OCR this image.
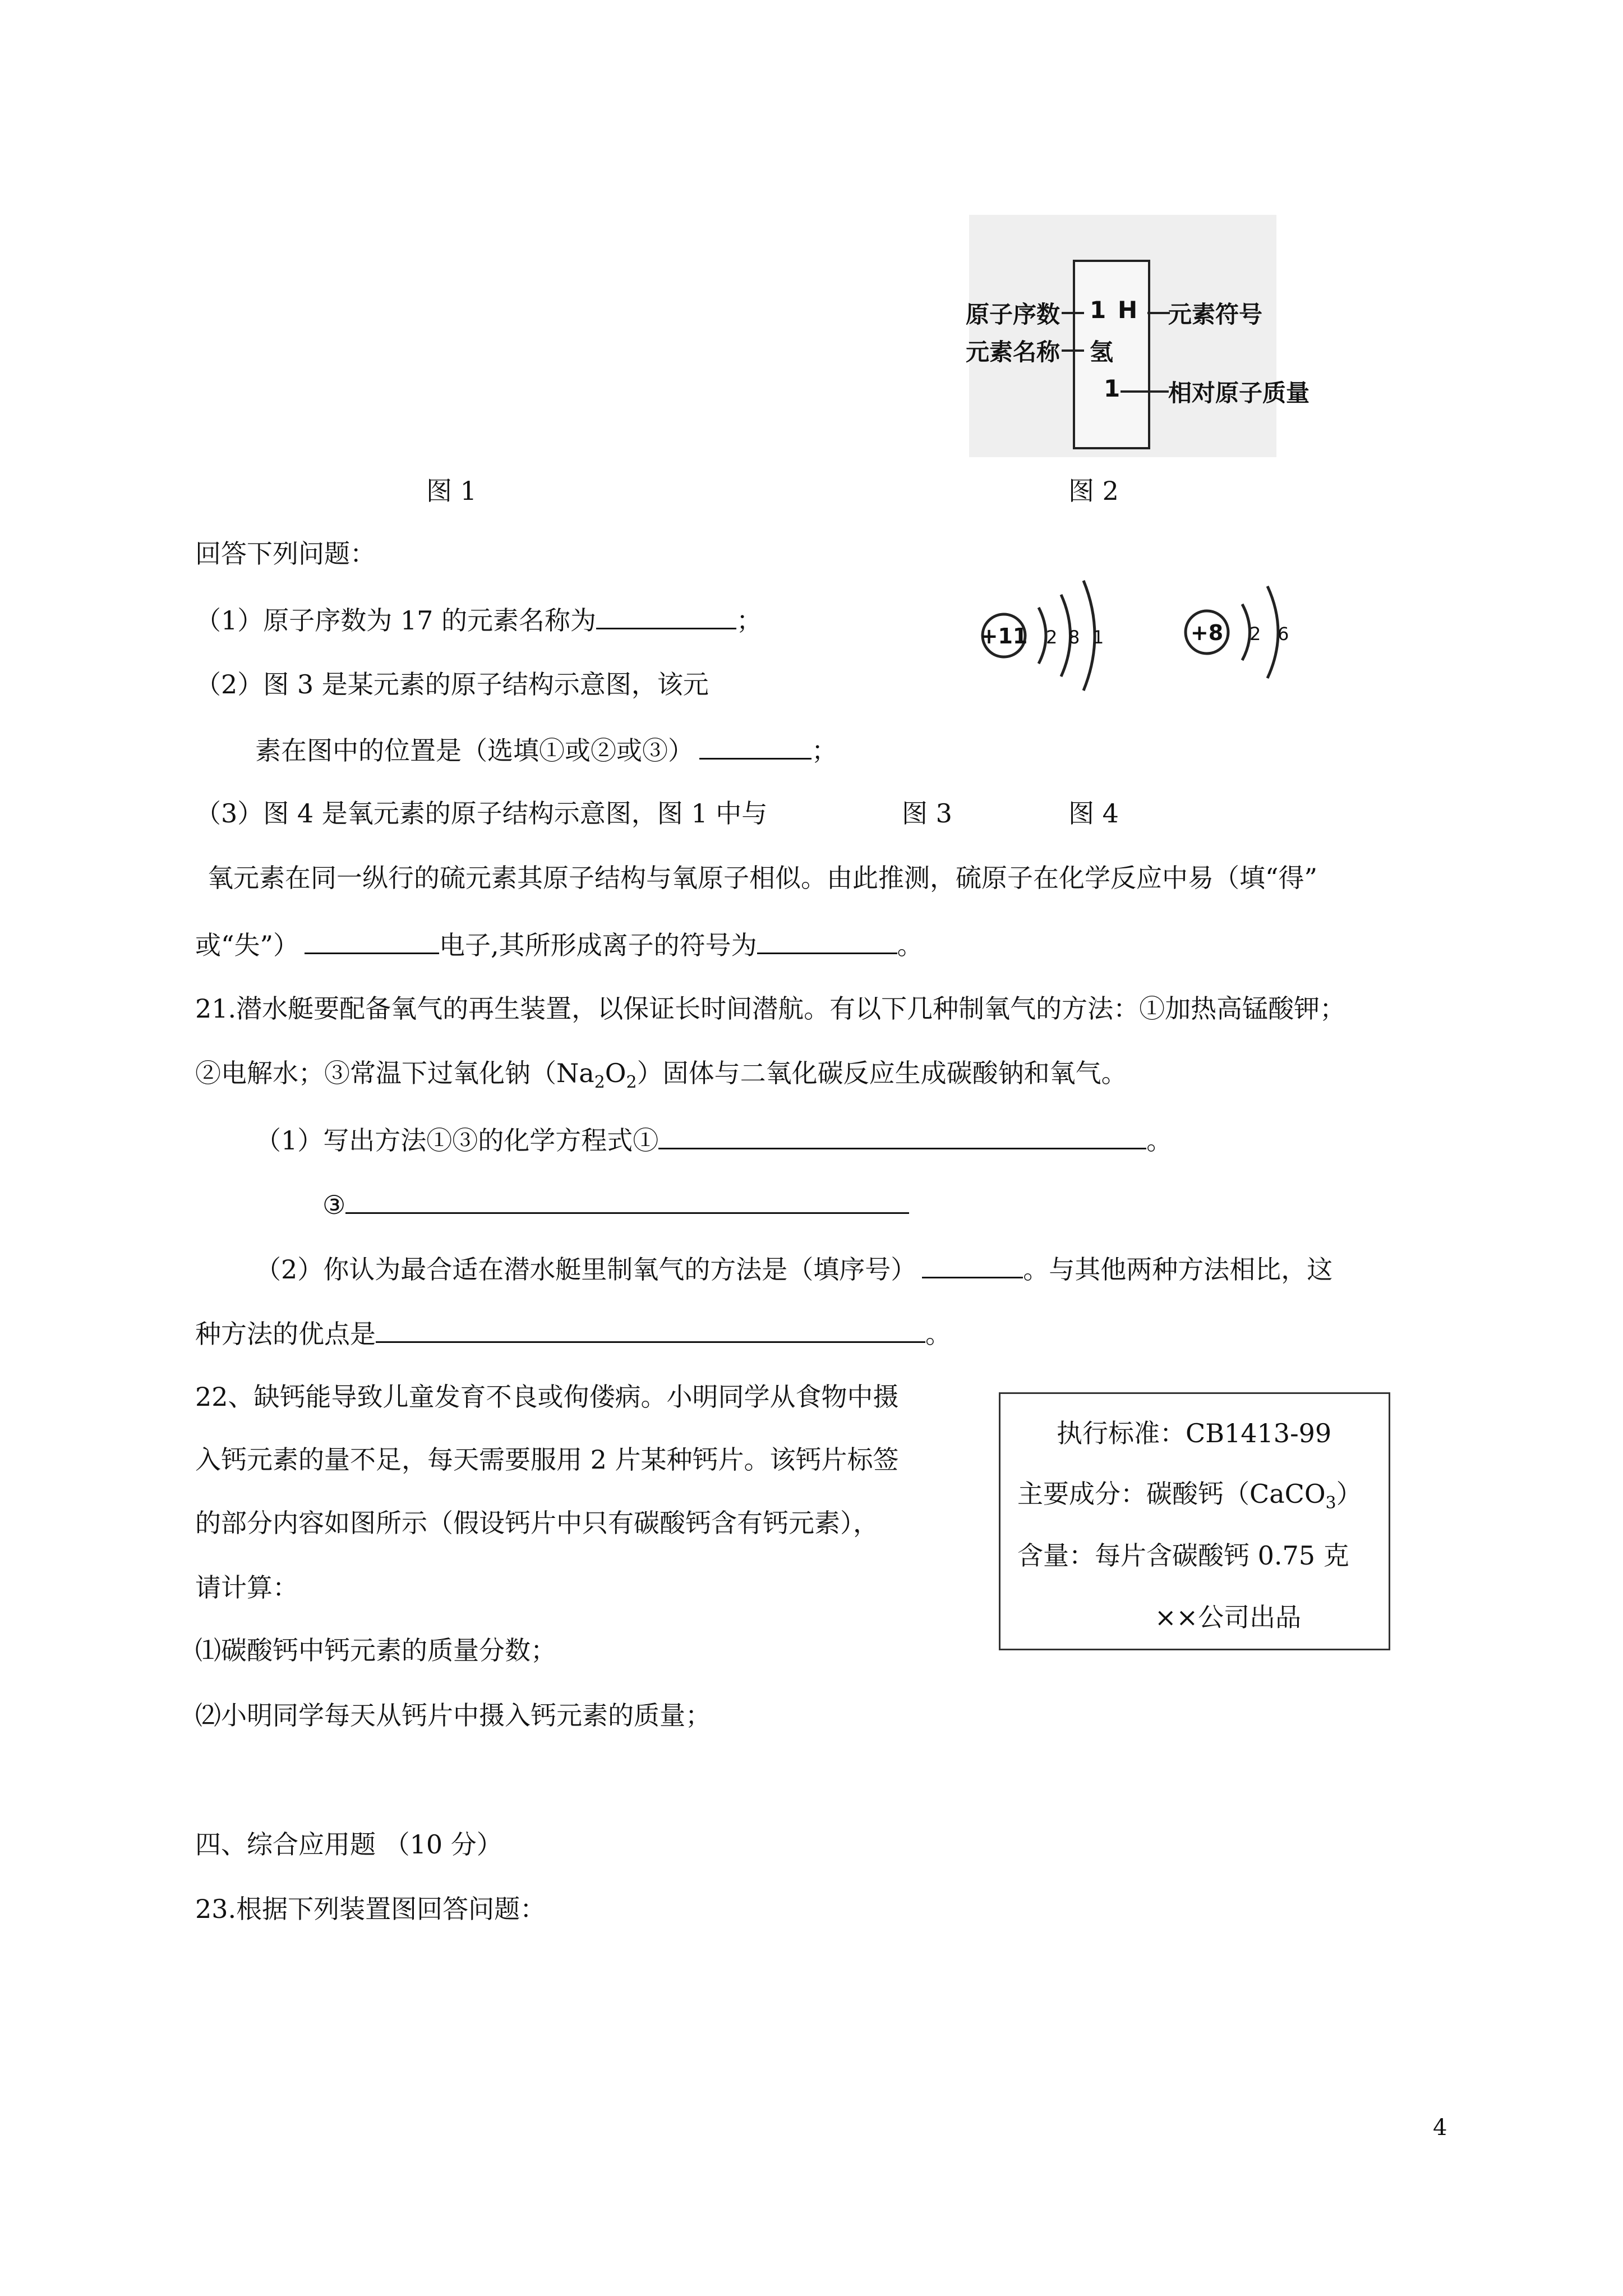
原子序数
元素名称
1 H
氢
1
元素符号
相对原子质量
图 1	图 2
回答下列问题：
（1）原子序数为 17 的元素名称为	；
（2）图 3 是某元素的原子结构示意图，该元
素在图中的位置是（选填①或②或③）	；
+11 2 8 1	+8 2 6
（3）图 4 是氧元素的原子结构示意图，图 1 中与	图 3	图 4
氧元素在同一纵行的硫元素其原子结构与氧原子相似。由此推测，硫原子在化学反应中易（填“得”
或“失”）	电子,其所形成离子的符号为	。
21.潜水艇要配备氧气的再生装置，以保证长时间潜航。有以下几种制氧气的方法：①加热高锰酸钾；
②电解水；③常温下过氧化钠$(Na_2O_2)$固体与二氧化碳反应生成碳酸钠和氧气。
（1）写出方法①③的化学方程式①	。
③
（2）你认为最合适在潜水艇里制氧气的方法是（填序号）	。与其他两种方法相比，这
种方法的优点是	。
22、缺钙能导致儿童发育不良或佝偻病。小明同学从食物中摄
入钙元素的量不足，每天需要服用 2 片某种钙片。该钙片标签
的部分内容如图所示（假设钙片中只有碳酸钙含有钙元素），
请计算：
⑴碳酸钙中钙元素的质量分数；
⑵小明同学每天从钙片中摄入钙元素的质量；
执行标准：CB1413-99
主要成分：碳酸钙（CaCO$_3$）
含量：每片含碳酸钙 0.75 克
××公司出品
四、综合应用题 （10 分）
23.根据下列装置图回答问题：
4
